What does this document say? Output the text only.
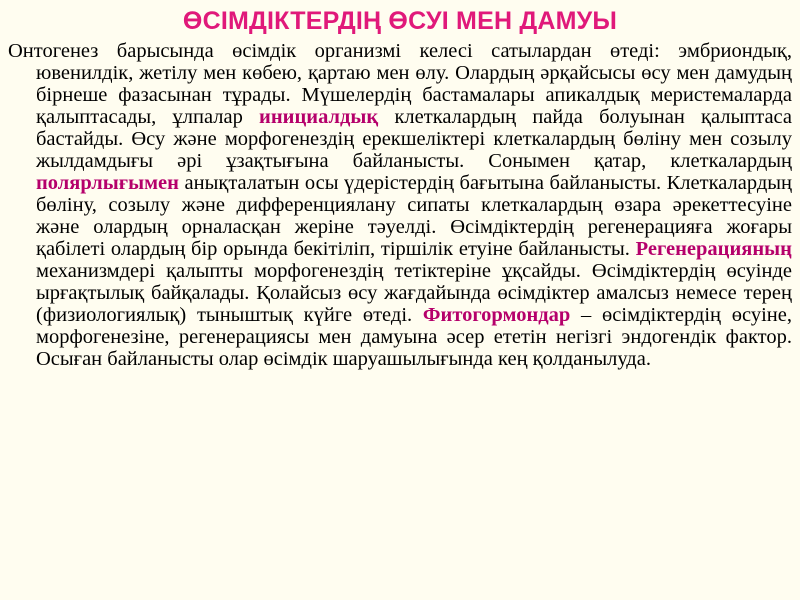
ӨСІМДІКТЕРДІҢ ӨСУІ МЕН ДАМУЫ

Онтогенез барысында өсімдік организмі келесі сатылардан өтеді: эмбриондық, ювенилдік, жетілу мен көбею, қартаю мен өлу. Олардың әрқайсысы өсу мен дамудың бірнеше фазасынан тұрады. Мүшелердің бастамалары апикалдық меристемаларда қалыптасады, ұлпалар инициалдық клеткалардың пайда болуынан қалыптаса бастайды. Өсу және морфогенездің ерекшеліктері клеткалардың бөліну мен созылу жылдамдығы әрі ұзақтығына байланысты. Сонымен қатар, клеткалардың полярлығымен анықталатын осы үдерістердің бағытына байланысты. Клеткалардың бөліну, созылу және дифференциялану сипаты клеткалардың өзара әрекеттесуіне және олардың орналасқан жеріне тәуелді. Өсімдіктердің регенерацияға жоғары қабілеті олардың бір орында бекітіліп, тіршілік етуіне байланысты. Регенерацияның механизмдері қалыпты морфогенездің тетіктеріне ұқсайды. Өсімдіктердің өсуінде ырғақтылық байқалады. Қолайсыз өсу жағдайында өсімдіктер амалсыз немесе терең (физиологиялық) тыныштық күйге өтеді. Фитогормондар – өсімдіктердің өсуіне, морфогенезіне, регенерациясы мен дамуына әсер ететін негізгі эндогендік фактор. Осыған байланысты олар өсімдік шаруашылығында кең қолданылуда.
